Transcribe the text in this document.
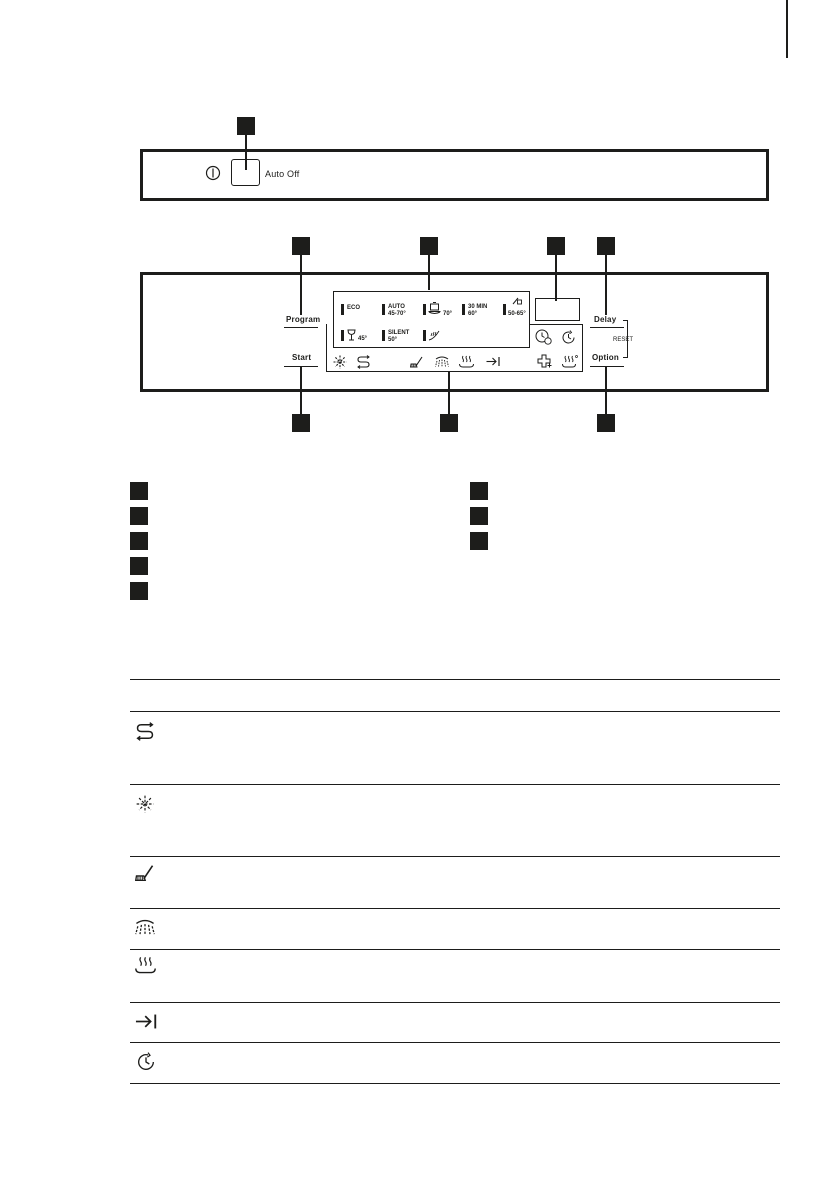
Auto Off
Program
Start
Delay
Option
RESET
ECO	AUTO
45-70°	70°
30 MIN
60°	50-65°
45°
SILENT
50°
